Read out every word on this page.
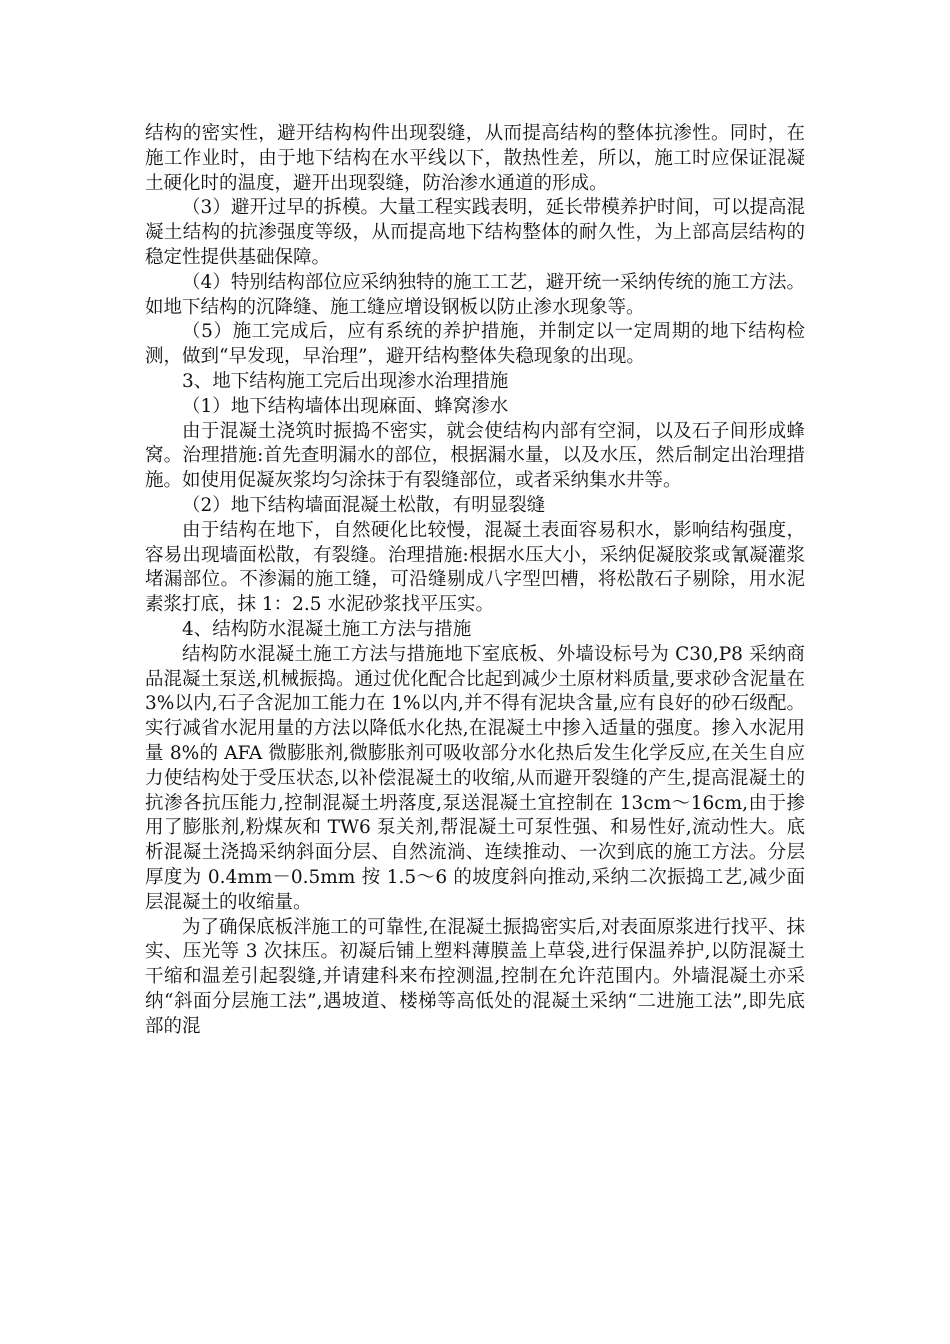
结构的密实性，避开结构构件出现裂缝，从而提高结构的整体抗渗性。同时，在施工作业时，由于地下结构在水平线以下，散热性差，所以，施工时应保证混凝土硬化时的温度，避开出现裂缝，防治渗水通道的形成。

（3）避开过早的拆模。大量工程实践表明，延长带模养护时间，可以提高混凝土结构的抗渗强度等级，从而提高地下结构整体的耐久性，为上部高层结构的稳定性提供基础保障。

（4）特别结构部位应采纳独特的施工工艺，避开统一采纳传统的施工方法。如地下结构的沉降缝、施工缝应增设钢板以防止渗水现象等。

（5）施工完成后，应有系统的养护措施，并制定以一定周期的地下结构检测，做到“早发现，早治理”，避开结构整体失稳现象的出现。

3、地下结构施工完后出现渗水治理措施

（1）地下结构墙体出现麻面、蜂窝渗水

由于混凝土浇筑时振捣不密实，就会使结构内部有空洞，以及石子间形成蜂窝。治理措施:首先查明漏水的部位，根据漏水量，以及水压，然后制定出治理措施。如使用促凝灰浆均匀涂抹于有裂缝部位，或者采纳集水井等。

（2）地下结构墙面混凝土松散，有明显裂缝

由于结构在地下，自然硬化比较慢，混凝土表面容易积水，影响结构强度，容易出现墙面松散，有裂缝。治理措施:根据水压大小，采纳促凝胶浆或氰凝灌浆堵漏部位。不渗漏的施工缝，可沿缝剔成八字型凹槽，将松散石子剔除，用水泥素浆打底，抹 1：2.5 水泥砂浆找平压实。

4、结构防水混凝土施工方法与措施

结构防水混凝土施工方法与措施地下室底板、外墙设标号为 C30,P8 采纳商品混凝土泵送,机械振捣。通过优化配合比起到减少土原材料质量,要求砂含泥量在 3%以内,石子含泥加工能力在 1%以内,并不得有泥块含量,应有良好的砂石级配。实行减省水泥用量的方法以降低水化热,在混凝土中掺入适量的强度。掺入水泥用量 8%的 AFA 微膨胀剂,微膨胀剂可吸收部分水化热后发生化学反应,在关生自应力使结构处于受压状态,以补偿混凝土的收缩,从而避开裂缝的产生,提高混凝土的抗渗各抗压能力,控制混凝土坍落度,泵送混凝土宜控制在 13cm～16cm,由于掺用了膨胀剂,粉煤灰和 TW6 泵关剂,帮混凝土可泵性强、和易性好,流动性大。底析混凝土浇捣采纳斜面分层、自然流淌、连续推动、一次到底的施工方法。分层厚度为 0.4mm－0.5mm 按 1.5～6 的坡度斜向推动,采纳二次振捣工艺,减少面层混凝土的收缩量。

为了确保底板泮施工的可靠性,在混凝土振捣密实后,对表面原浆进行找平、抹实、压光等 3 次抹压。初凝后铺上塑料薄膜盖上草袋,进行保温养护,以防混凝土干缩和温差引起裂缝,并请建科来布控测温,控制在允许范围内。外墙混凝土亦采纳“斜面分层施工法”,遇坡道、楼梯等高低处的混凝土采纳“二进施工法”,即先底部的混
